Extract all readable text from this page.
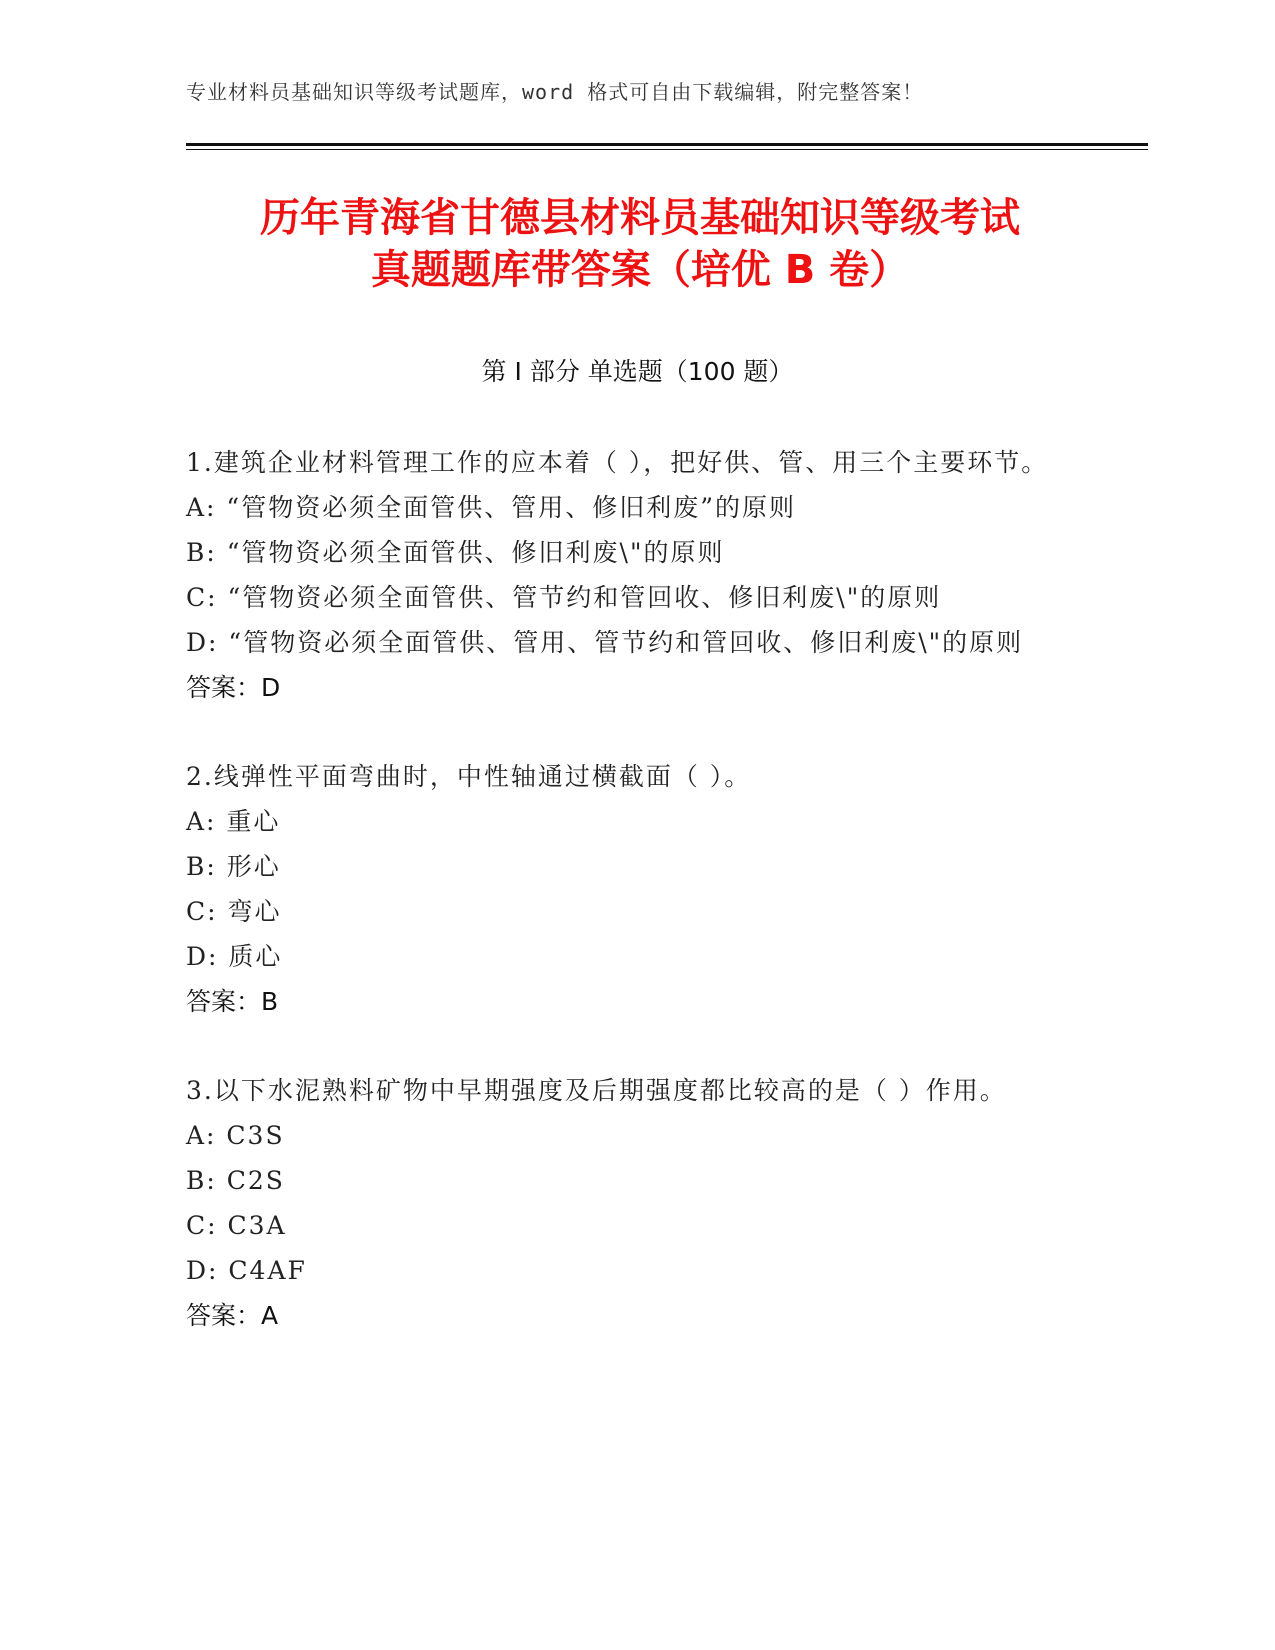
专业材料员基础知识等级考试题库，word 格式可自由下载编辑，附完整答案！
历年青海省甘德县材料员基础知识等级考试
真题题库带答案（培优 B 卷）
第 I 部分 单选题（100 题）
1.建筑企业材料管理工作的应本着（ ），把好供、管、用三个主要环节。
A: “管物资必须全面管供、管用、修旧利废”的原则
B: “管物资必须全面管供、修旧利废\"的原则
C: “管物资必须全面管供、管节约和管回收、修旧利废\"的原则
D: “管物资必须全面管供、管用、管节约和管回收、修旧利废\"的原则
答案：D
2.线弹性平面弯曲时，中性轴通过横截面（ ）。
A: 重心
B: 形心
C: 弯心
D: 质心
答案：B
3.以下水泥熟料矿物中早期强度及后期强度都比较高的是（ ）作用。
A: C3S
B: C2S
C: C3A
D: C4AF
答案：A
